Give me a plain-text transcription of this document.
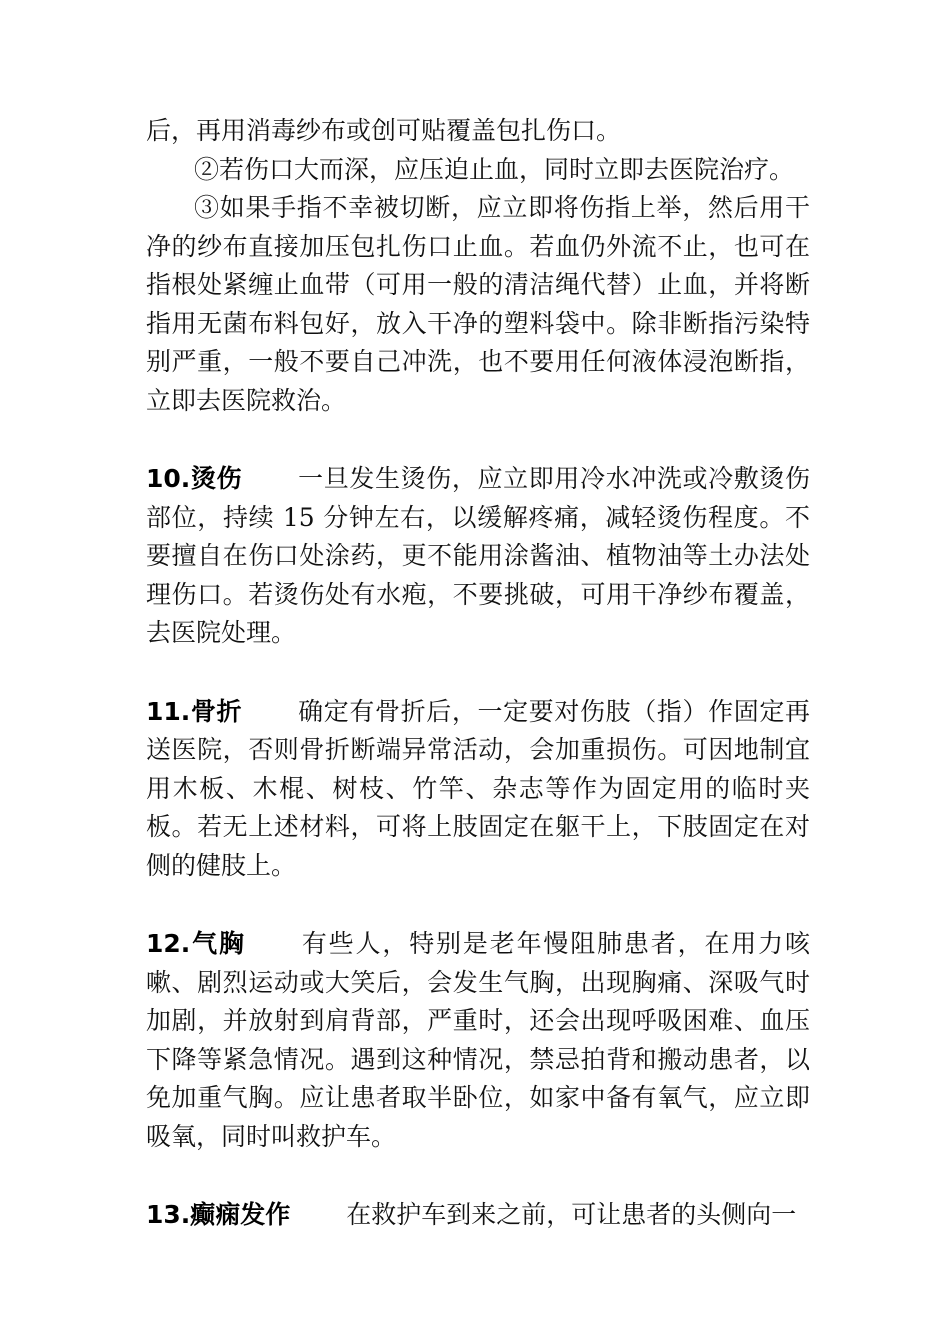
后，再用消毒纱布或创可贴覆盖包扎伤口。

②若伤口大而深，应压迫止血，同时立即去医院治疗。

③如果手指不幸被切断，应立即将伤指上举，然后用干净的纱布直接加压包扎伤口止血。若血仍外流不止，也可在指根处紧缠止血带（可用一般的清洁绳代替）止血，并将断指用无菌布料包好，放入干净的塑料袋中。除非断指污染特别严重，一般不要自己冲洗，也不要用任何液体浸泡断指，立即去医院救治。

10.烫伤 一旦发生烫伤，应立即用冷水冲洗或冷敷烫伤部位，持续 15 分钟左右，以缓解疼痛，减轻烫伤程度。不要擅自在伤口处涂药，更不能用涂酱油、植物油等土办法处理伤口。若烫伤处有水疱，不要挑破，可用干净纱布覆盖，去医院处理。

11.骨折 确定有骨折后，一定要对伤肢（指）作固定再送医院，否则骨折断端异常活动，会加重损伤。可因地制宜用木板、木棍、树枝、竹竿、杂志等作为固定用的临时夹板。若无上述材料，可将上肢固定在躯干上，下肢固定在对侧的健肢上。

12.气胸 有些人，特别是老年慢阻肺患者，在用力咳嗽、剧烈运动或大笑后，会发生气胸，出现胸痛、深吸气时加剧，并放射到肩背部，严重时，还会出现呼吸困难、血压下降等紧急情况。遇到这种情况，禁忌拍背和搬动患者，以免加重气胸。应让患者取半卧位，如家中备有氧气，应立即吸氧，同时叫救护车。

13.癫痫发作 在救护车到来之前，可让患者的头侧向一
